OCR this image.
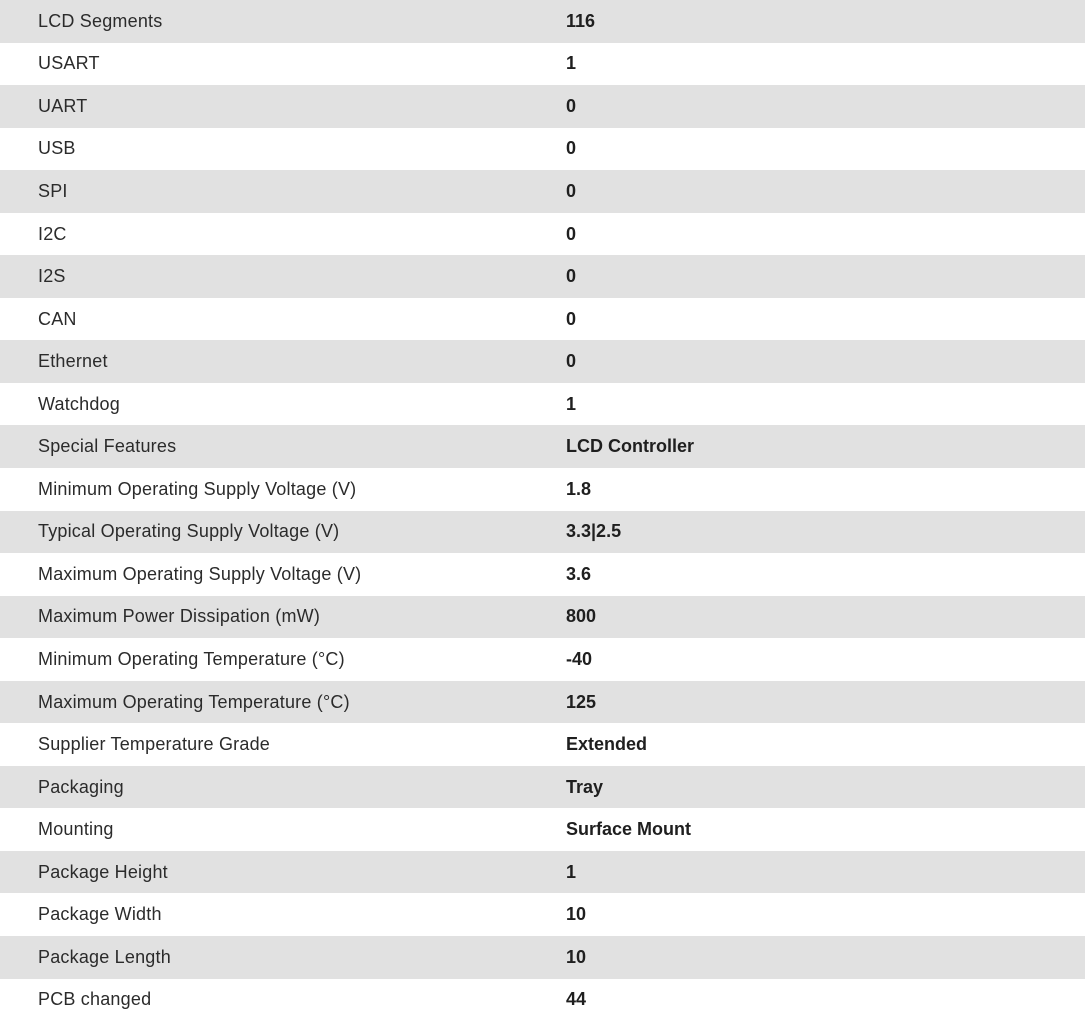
LCD Segments	116
USART	1
UART	0
USB	0
SPI	0
I2C	0
I2S	0
CAN	0
Ethernet	0
Watchdog	1
Special Features	LCD Controller
Minimum Operating Supply Voltage (V)	1.8
Typical Operating Supply Voltage (V)	3.3|2.5
Maximum Operating Supply Voltage (V)	3.6
Maximum Power Dissipation (mW)	800
Minimum Operating Temperature (°C)	-40
Maximum Operating Temperature (°C)	125
Supplier Temperature Grade	Extended
Packaging	Tray
Mounting	Surface Mount
Package Height	1
Package Width	10
Package Length	10
PCB changed	44
